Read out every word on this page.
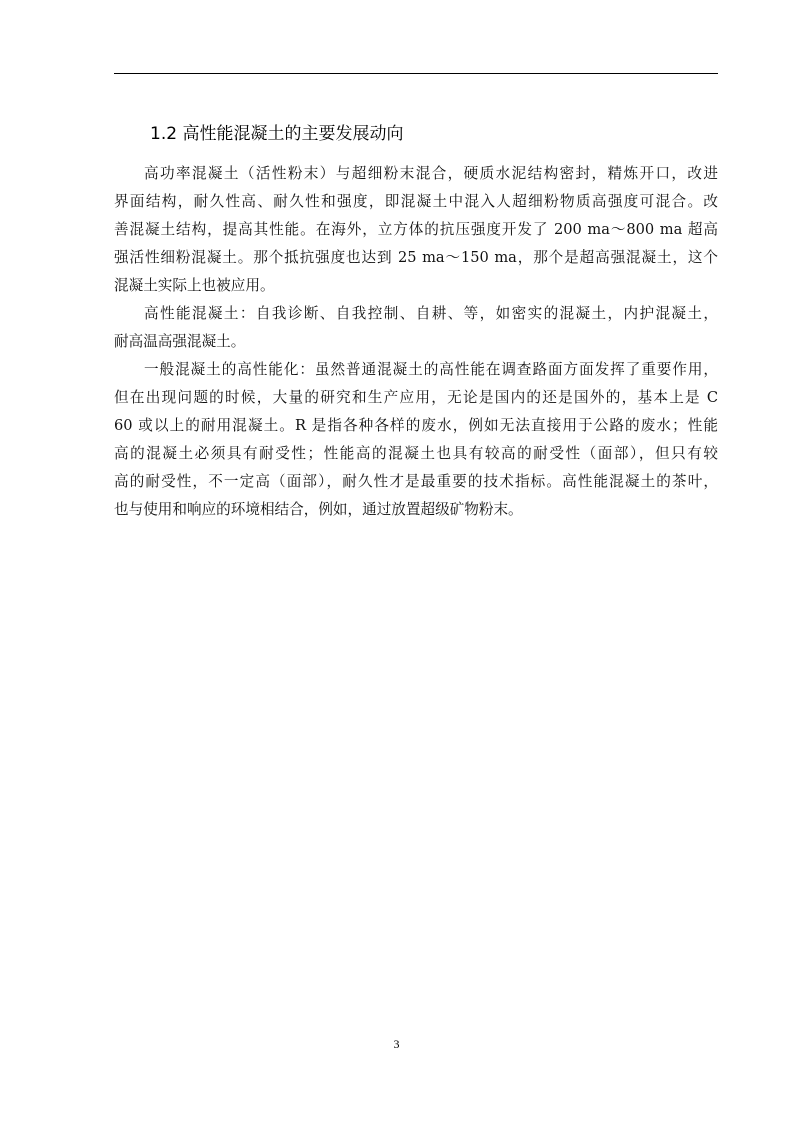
1.2 高性能混凝土的主要发展动向
高功率混凝土（活性粉末）与超细粉末混合，硬质水泥结构密封，精炼开口，改进
界面结构，耐久性高、耐久性和强度，即混凝土中混入人超细粉物质高强度可混合。改
善混凝土结构，提高其性能。在海外，立方体的抗压强度开发了 200 ma～800 ma 超高
强活性细粉混凝土。那个抵抗强度也达到 25 ma～150 ma，那个是超高强混凝土，这个
混凝土实际上也被应用。
高性能混凝土：自我诊断、自我控制、自耕、等，如密实的混凝土，内护混凝土，
耐高温高强混凝土。
一般混凝土的高性能化：虽然普通混凝土的高性能在调查路面方面发挥了重要作用，
但在出现问题的时候，大量的研究和生产应用，无论是国内的还是国外的，基本上是 C
60 或以上的耐用混凝土。R 是指各种各样的废水，例如无法直接用于公路的废水；性能
高的混凝土必须具有耐受性；性能高的混凝土也具有较高的耐受性（面部），但只有较
高的耐受性，不一定高（面部），耐久性才是最重要的技术指标。高性能混凝土的茶叶，
也与使用和响应的环境相结合，例如，通过放置超级矿物粉末。
3
